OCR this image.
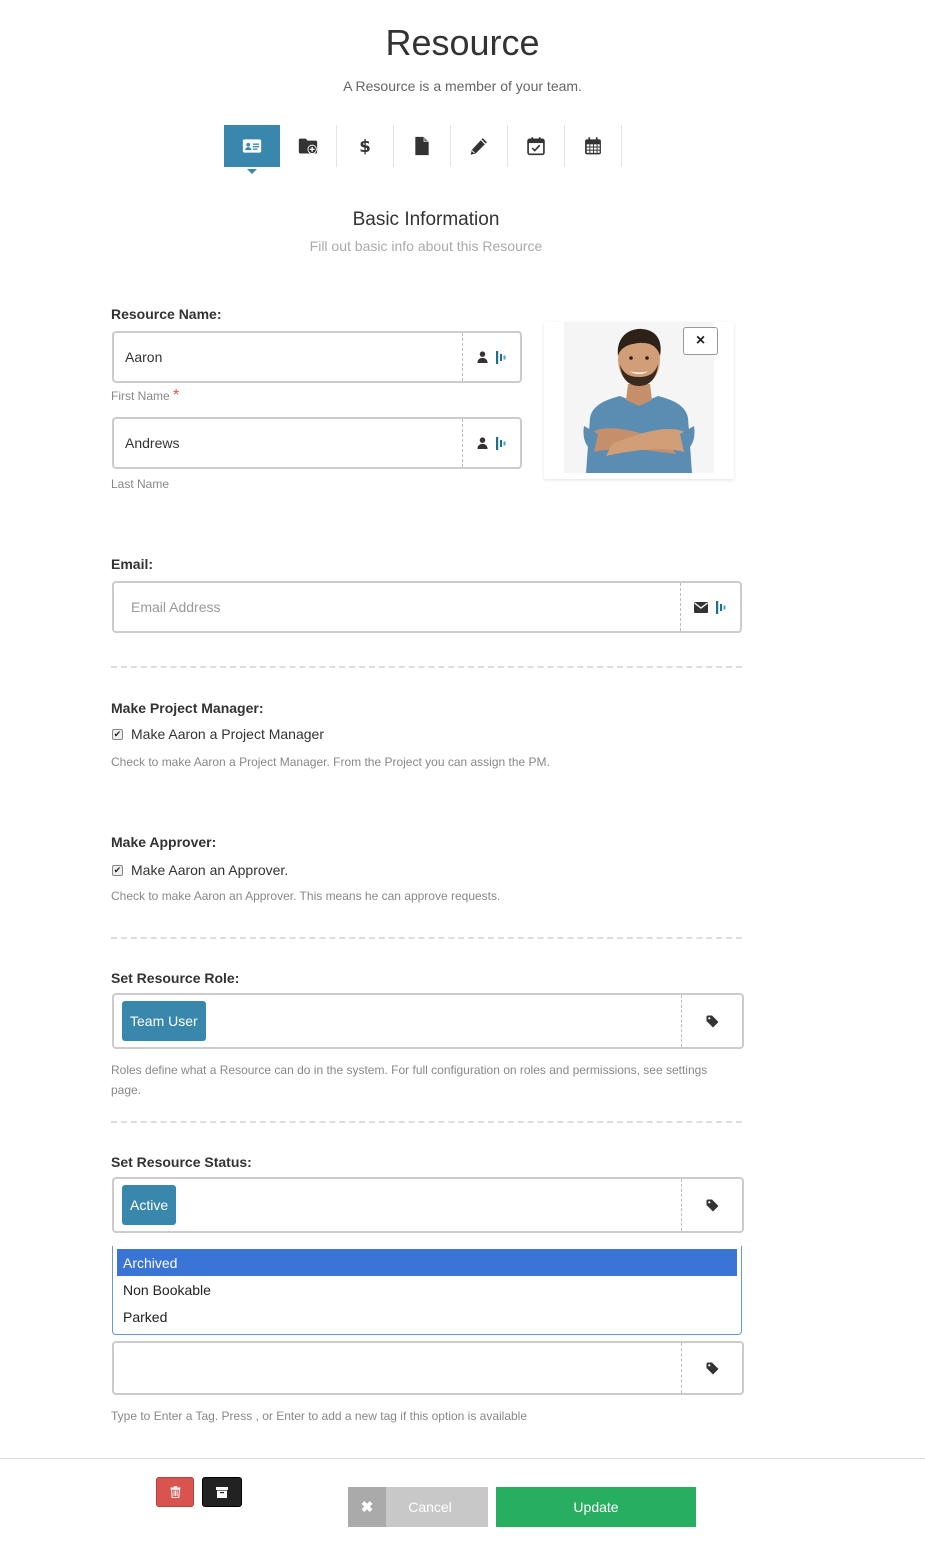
Resource
A Resource is a member of your team.
$
Basic Information
Fill out basic info about this Resource
Resource Name:
Aaron
First Name *
Andrews
Last Name
×
Email:
Email Address
Make Project Manager:
✔ Make Aaron a Project Manager
Check to make Aaron a Project Manager. From the Project you can assign the PM.
Make Approver:
✔ Make Aaron an Approver.
Check to make Aaron an Approver. This means he can approve requests.
Set Resource Role:
Team User
Roles define what a Resource can do in the system. For full configuration on roles and permissions, see settings page.
Set Resource Status:
Active
Type to Enter a Tag. Press , or Enter to add a new tag if this option is available
Archived
Non Bookable
Parked
✖	Cancel	Update
